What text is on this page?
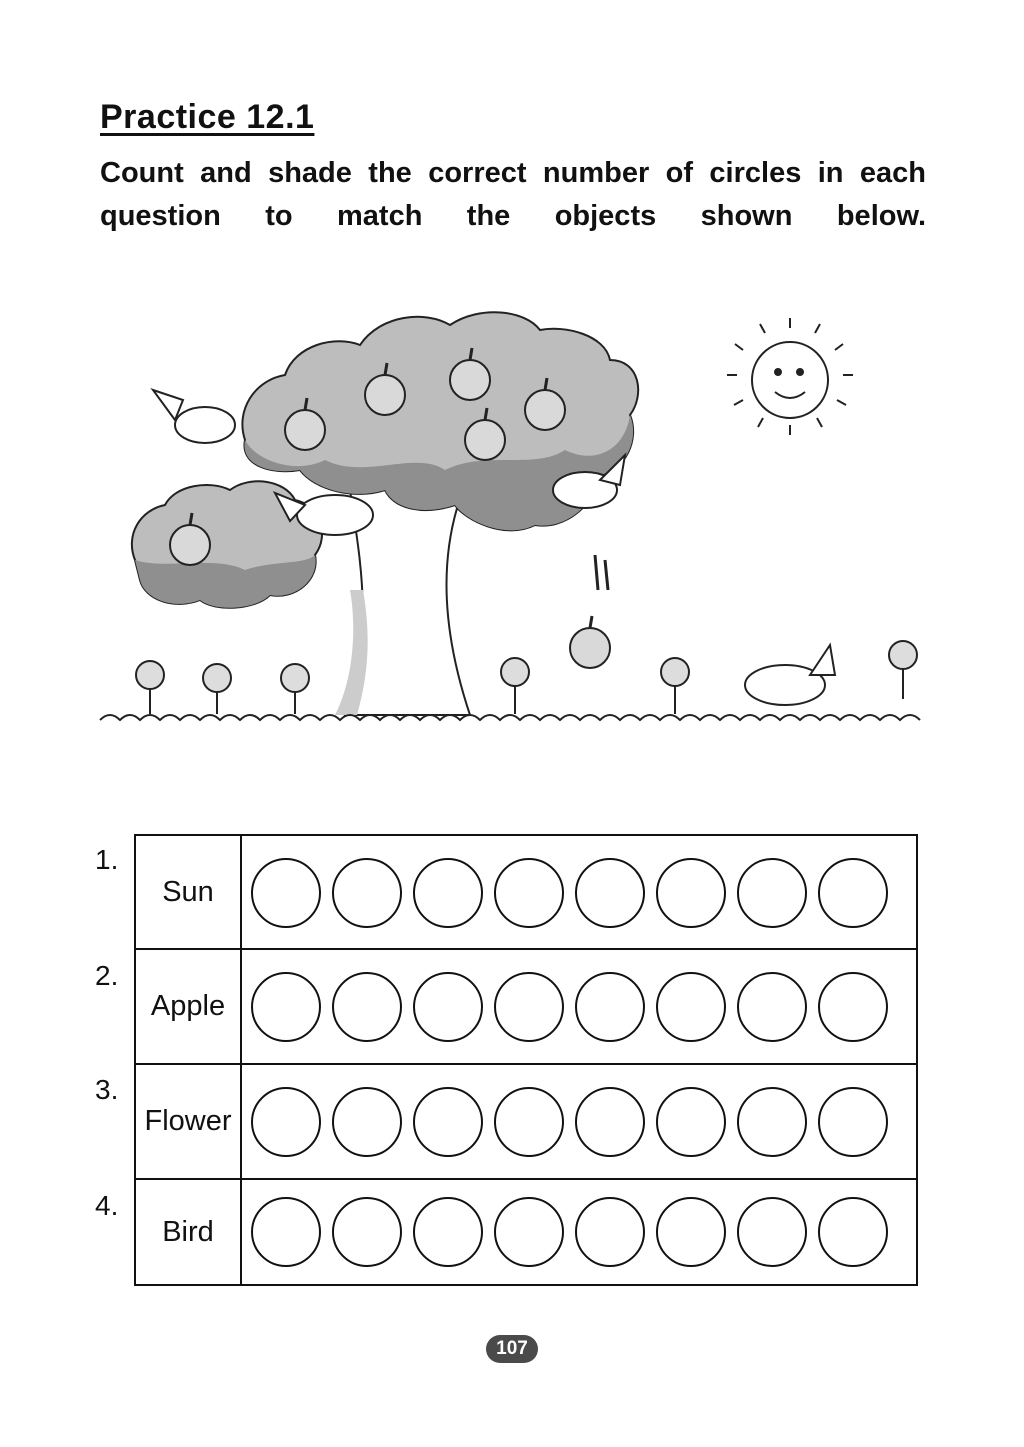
Practice 12.1
Count and shade the correct number of circles in each question to match the objects shown below.
1.
2.
3.
4.
Sun
Apple
Flower
Bird
107
